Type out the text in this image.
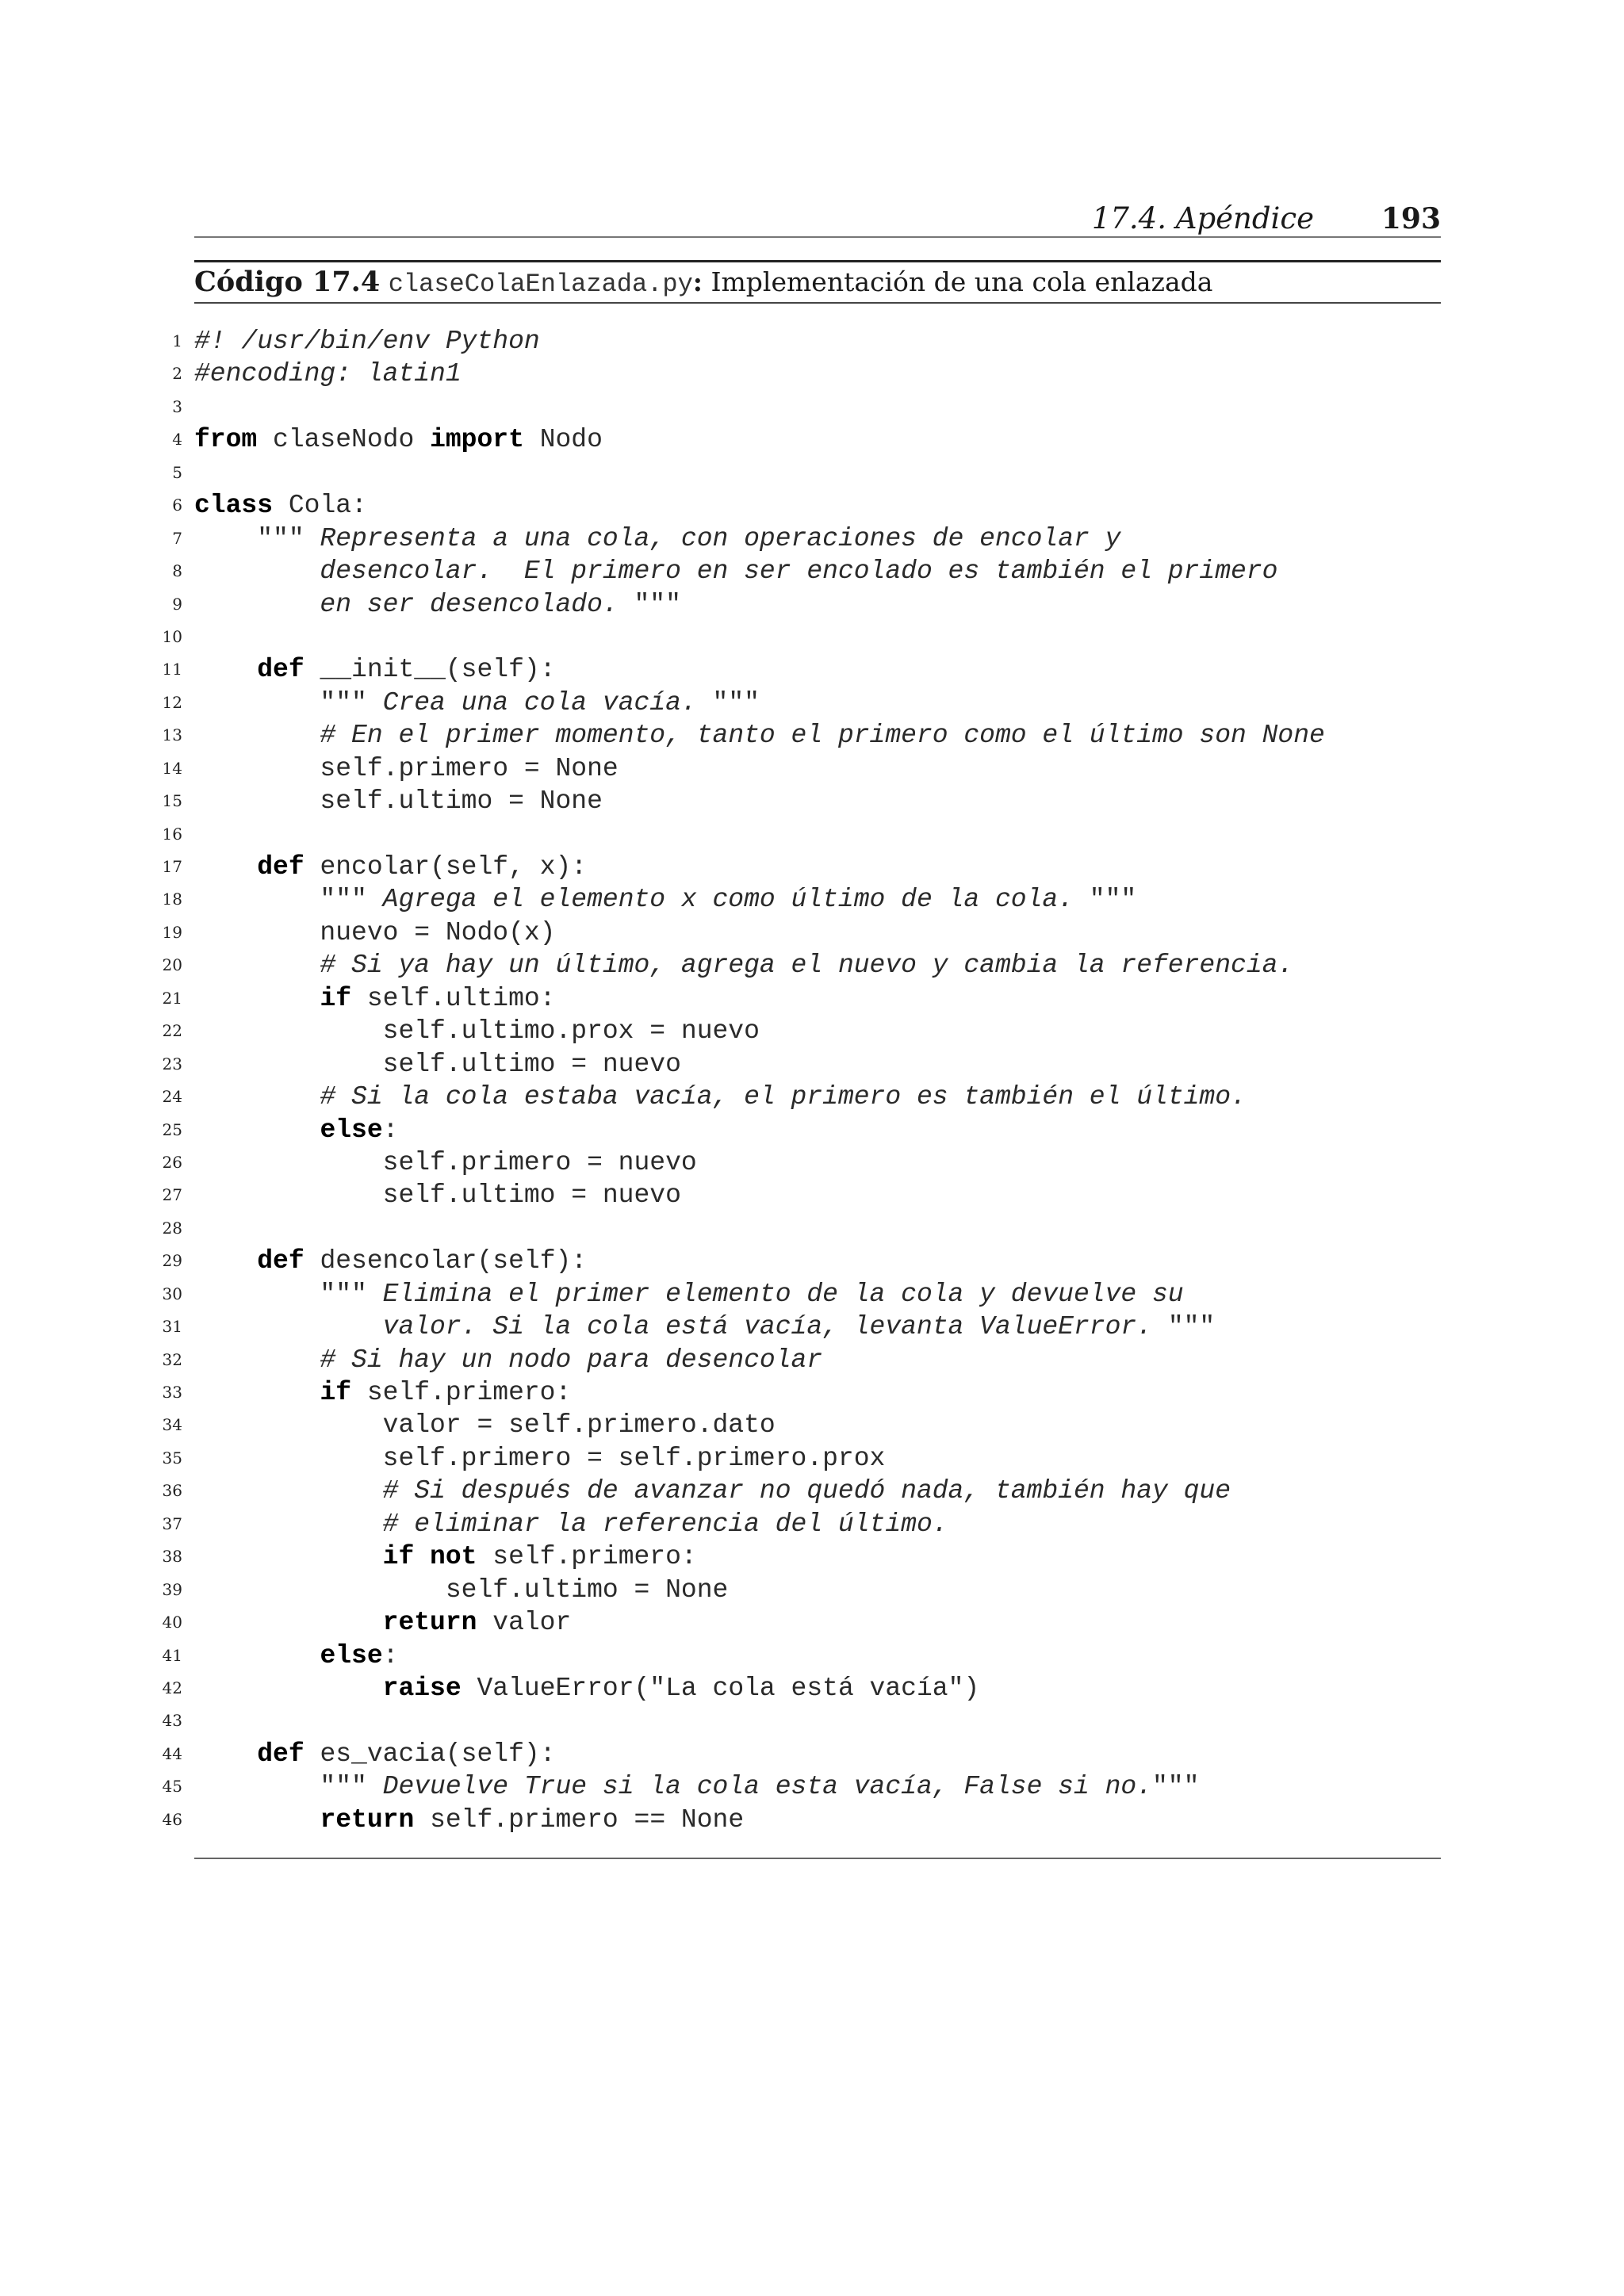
17.4. Apéndice 193
Código 17.4 claseColaEnlazada.py: Implementación de una cola enlazada
1 #! /usr/bin/env Python
2 #encoding: latin1
3
4 from claseNodo import Nodo
5
6 class Cola:
7 """ Representa a una cola, con operaciones de encolar y
8 desencolar.  El primero en ser encolado es también el primero
9 en ser desencolado. """
10
11	def __init__(self):
12 """ Crea una cola vacía. """
13	# En el primer momento, tanto el primero como el último son None
14 self.primero = None
15 self.ultimo = None
16
17	def encolar(self, x):
18 """ Agrega el elemento x como último de la cola. """
19 nuevo = Nodo(x)
20	# Si ya hay un último, agrega el nuevo y cambia la referencia.
21	if self.ultimo:
22 self.ultimo.prox = nuevo
23 self.ultimo = nuevo
24	# Si la cola estaba vacía, el primero es también el último.
25	else:
26 self.primero = nuevo
27 self.ultimo = nuevo
28
29	def desencolar(self):
30 """ Elimina el primer elemento de la cola y devuelve su
31 valor. Si la cola está vacía, levanta ValueError. """
32	# Si hay un nodo para desencolar
33	if self.primero:
34 valor = self.primero.dato
35 self.primero = self.primero.prox
36	# Si después de avanzar no quedó nada, también hay que
37	# eliminar la referencia del último.
38	if not self.primero:
39 self.ultimo = None
40	return valor
41	else:
42	raise ValueError("La cola está vacía")
43
44	def es_vacia(self):
45 """ Devuelve True si la cola esta vacía, False si no."""
46	return self.primero == None
